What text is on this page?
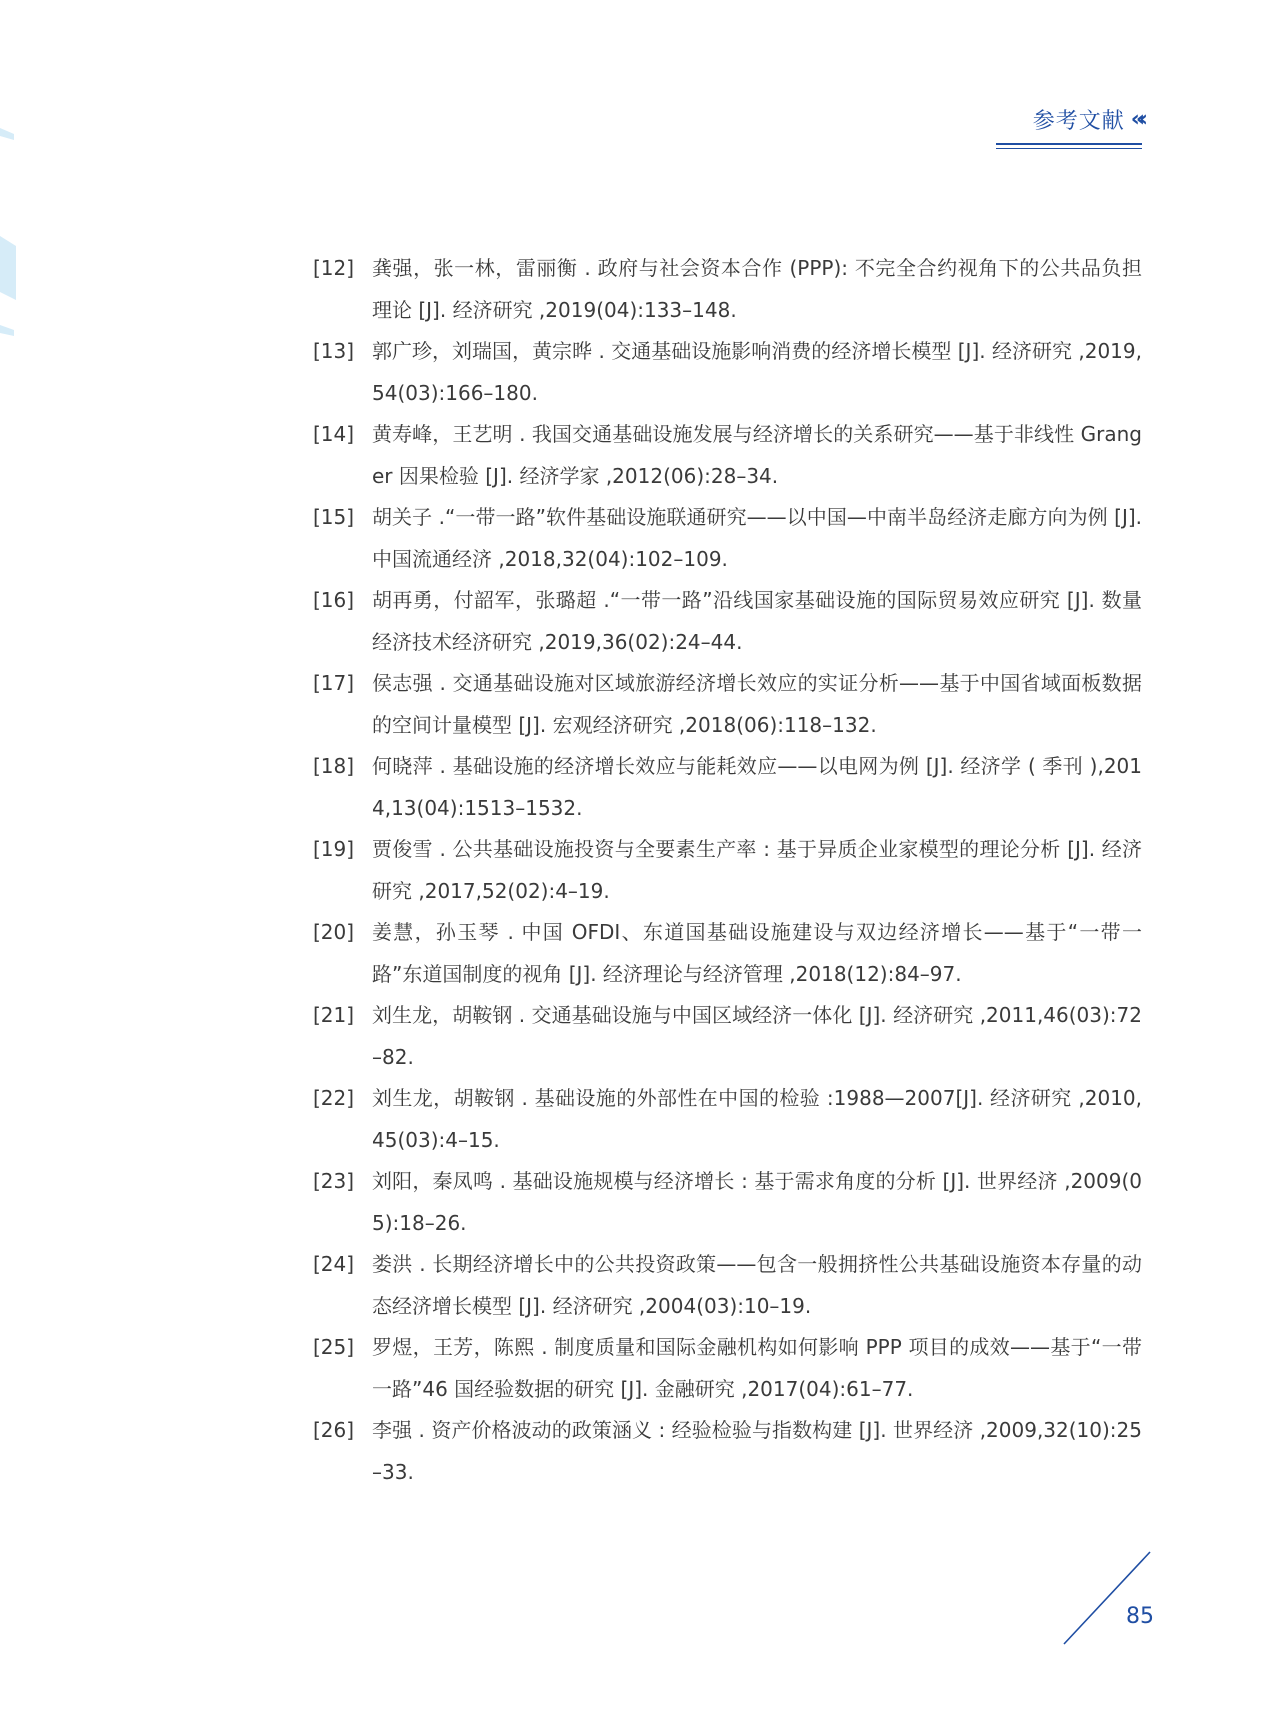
参考文献 «‹
[12] 龚强，张一林，雷丽衡 . 政府与社会资本合作 (PPP): 不完全合约视角下的公共品负担理论 [J]. 经济研究 ,2019(04):133–148.
[13] 郭广珍，刘瑞国，黄宗晔 . 交通基础设施影响消费的经济增长模型 [J]. 经济研究 ,2019,54(03):166–180.
[14] 黄寿峰，王艺明 . 我国交通基础设施发展与经济增长的关系研究——基于非线性 Granger 因果检验 [J]. 经济学家 ,2012(06):28–34.
[15] 胡关子 .“一带一路”软件基础设施联通研究——以中国—中南半岛经济走廊方向为例 [J]. 中国流通经济 ,2018,32(04):102–109.
[16] 胡再勇，付韶军，张璐超 .“一带一路”沿线国家基础设施的国际贸易效应研究 [J]. 数量经济技术经济研究 ,2019,36(02):24–44.
[17] 侯志强 . 交通基础设施对区域旅游经济增长效应的实证分析——基于中国省域面板数据的空间计量模型 [J]. 宏观经济研究 ,2018(06):118–132.
[18] 何晓萍 . 基础设施的经济增长效应与能耗效应——以电网为例 [J]. 经济学 ( 季刊 ),2014,13(04):1513–1532.
[19] 贾俊雪 . 公共基础设施投资与全要素生产率 : 基于异质企业家模型的理论分析 [J]. 经济研究 ,2017,52(02):4–19.
[20] 姜慧，孙玉琴 . 中国 OFDI、东道国基础设施建设与双边经济增长——基于“一带一路”东道国制度的视角 [J]. 经济理论与经济管理 ,2018(12):84–97.
[21] 刘生龙，胡鞍钢 . 交通基础设施与中国区域经济一体化 [J]. 经济研究 ,2011,46(03):72–82.
[22] 刘生龙，胡鞍钢 . 基础设施的外部性在中国的检验 :1988—2007[J]. 经济研究 ,2010,45(03):4–15.
[23] 刘阳，秦凤鸣 . 基础设施规模与经济增长 : 基于需求角度的分析 [J]. 世界经济 ,2009(05):18–26.
[24] 娄洪 . 长期经济增长中的公共投资政策——包含一般拥挤性公共基础设施资本存量的动态经济增长模型 [J]. 经济研究 ,2004(03):10–19.
[25] 罗煜，王芳，陈熙 . 制度质量和国际金融机构如何影响 PPP 项目的成效——基于“一带一路”46 国经验数据的研究 [J]. 金融研究 ,2017(04):61–77.
[26] 李强 . 资产价格波动的政策涵义 : 经验检验与指数构建 [J]. 世界经济 ,2009,32(10):25–33.
85
